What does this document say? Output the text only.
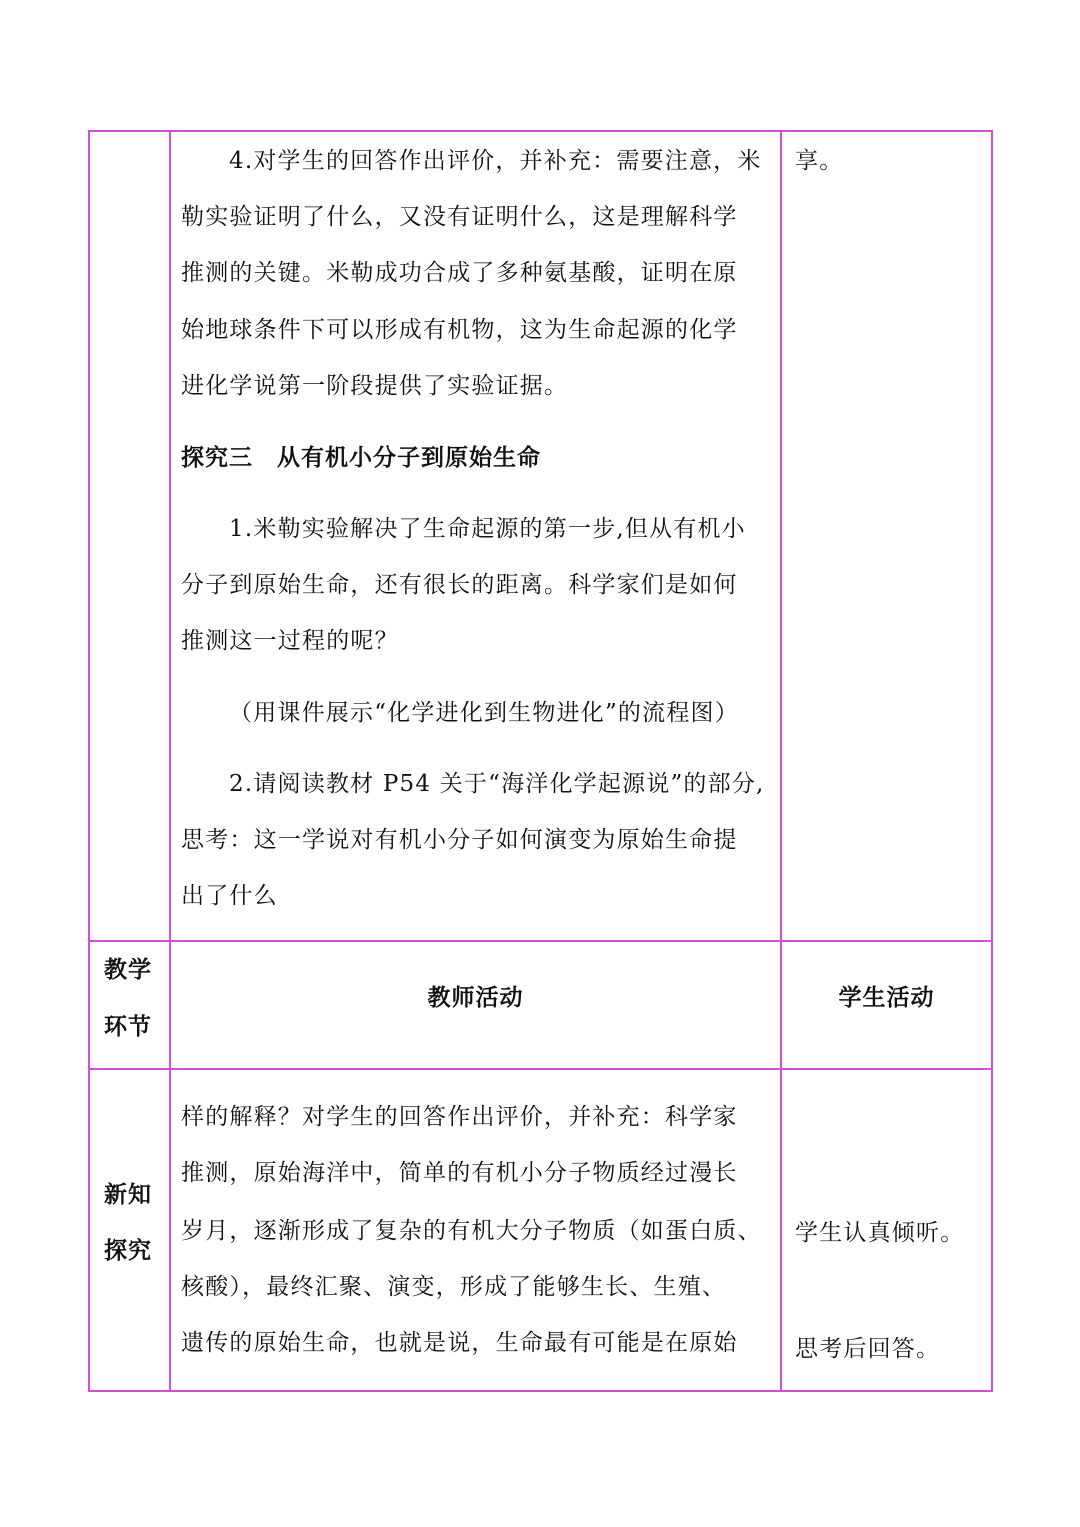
4.对学生的回答作出评价，并补充：需要注意，米
勒实验证明了什么，又没有证明什么，这是理解科学
推测的关键。米勒成功合成了多种氨基酸，证明在原
始地球条件下可以形成有机物，这为生命起源的化学
进化学说第一阶段提供了实验证据。
探究三　从有机小分子到原始生命
1.米勒实验解决了生命起源的第一步,但从有机小
分子到原始生命，还有很长的距离。科学家们是如何
推测这一过程的呢？
（用课件展示“化学进化到生物进化”的流程图）
2.请阅读教材 P54 关于“海洋化学起源说”的部分,
思考：这一学说对有机小分子如何演变为原始生命提
出了什么
享。
教学
环节
教师活动	学生活动
新知
探究
样的解释？对学生的回答作出评价，并补充：科学家
推测，原始海洋中，简单的有机小分子物质经过漫长
岁月，逐渐形成了复杂的有机大分子物质（如蛋白质、
核酸），最终汇聚、演变，形成了能够生长、生殖、
遗传的原始生命，也就是说，生命最有可能是在原始
学生认真倾听。
思考后回答。
